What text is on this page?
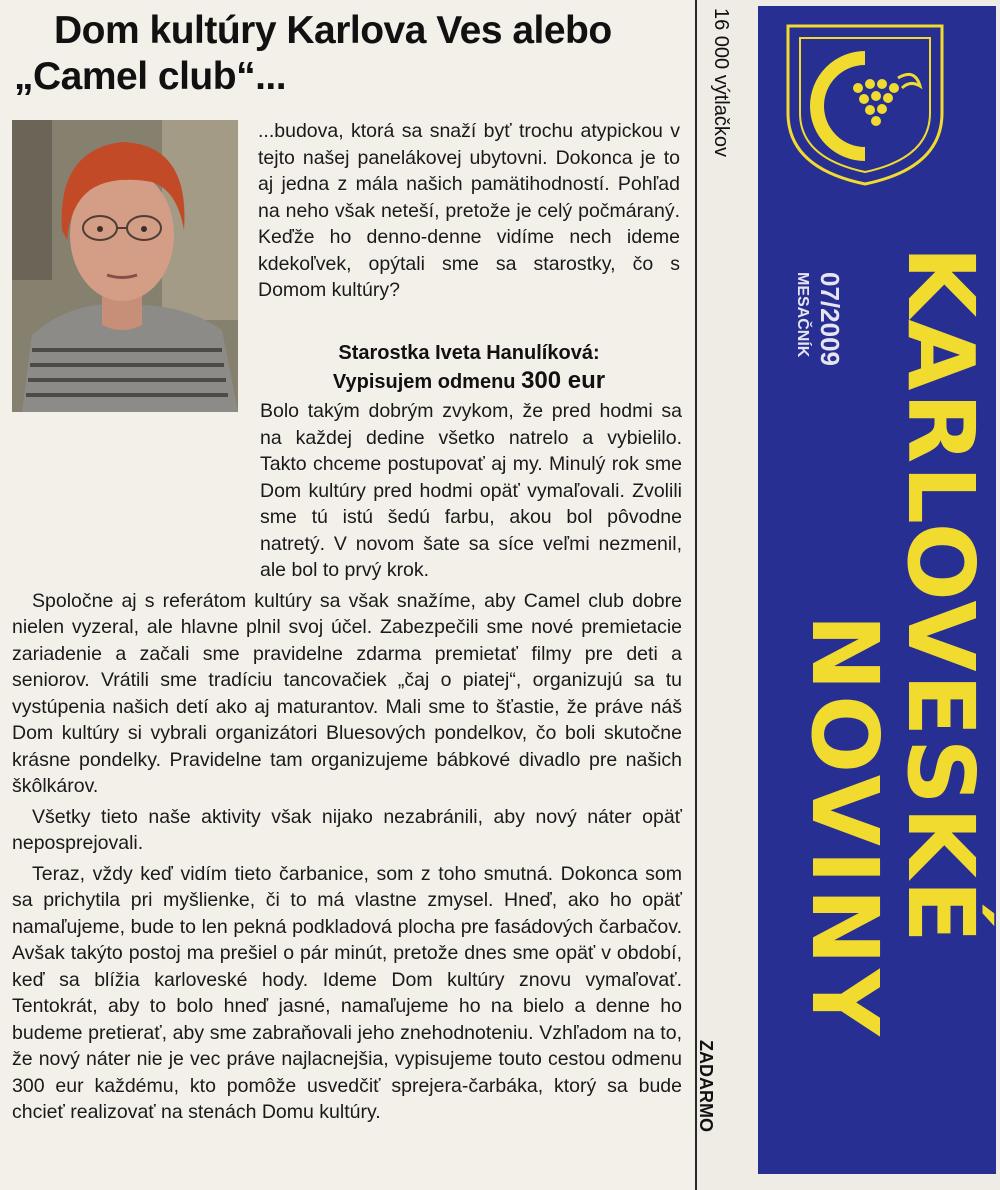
Dom kultúry Karlova Ves alebo
„Camel club“...
...budova, ktorá sa snaží byť trochu atypickou v tejto našej panelákovej ubytovni. Dokonca je to aj jedna z mála našich pamätihodností. Pohľad na neho však neteší, pretože je celý počmáraný. Keďže ho denno-denne vidíme nech ideme kdekoľvek, opýtali sme sa starostky, čo s Domom kultúry?
Starostka Iveta Hanulíková:
Vypisujem odmenu 300 eur

Bolo takým dobrým zvykom, že pred hodmi sa na každej dedine všetko natrelo a vybielilo. Takto chceme postupovať aj my. Minulý rok sme Dom kultúry pred hodmi opäť vymaľovali. Zvolili sme tú istú šedú farbu, akou bol pôvodne natretý. V novom šate sa síce veľmi nezmenil, ale bol to prvý krok.

Spoločne aj s referátom kultúry sa však snažíme, aby Camel club dobre nielen vyzeral, ale hlavne plnil svoj účel. Zabezpečili sme nové premietacie zariadenie a začali sme pravidelne zdarma premietať filmy pre deti a seniorov. Vrátili sme tradíciu tancovačiek „čaj o piatej“, organizujú sa tu vystúpenia našich detí ako aj maturantov. Mali sme to šťastie, že práve náš Dom kultúry si vybrali organizátori Bluesových pondelkov, čo boli skutočne krásne pondelky. Pravidelne tam organizujeme bábkové divadlo pre našich škôlkárov.

Všetky tieto naše aktivity však nijako nezabránili, aby nový náter opäť neposprejovali.

Teraz, vždy keď vidím tieto čarbanice, som z toho smutná. Dokonca som sa prichytila pri myšlienke, či to má vlastne zmysel. Hneď, ako ho opäť namaľujeme, bude to len pekná podkladová plocha pre fasádových čarbačov. Avšak takýto postoj ma prešiel o pár minút, pretože dnes sme opäť v období, keď sa blížia karloveské hody. Ideme Dom kultúry znovu vymaľovať. Tentokrát, aby to bolo hneď jasné, namaľujeme ho na bielo a denne ho budeme pretierať, aby sme zabraňovali jeho znehodnoteniu. Vzhľadom na to, že nový náter nie je vec práve najlacnejšia, vypisujeme touto cestou odmenu 300 eur každému, kto pomôže usvedčiť sprejera-čarbáka, ktorý sa bude chcieť realizovať na stenách Domu kultúry.

16 000 výtlačkov
ZADARMO
KARLOVESKÉ
NOVINY
07/2009
MESAČNÍK
